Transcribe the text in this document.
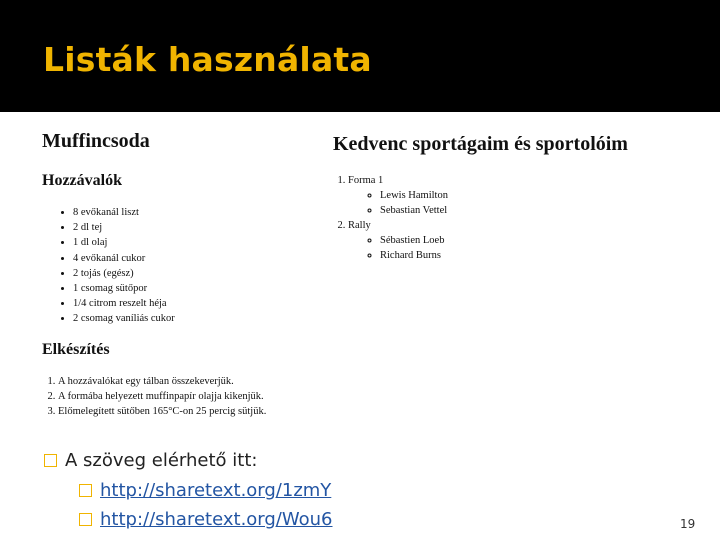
Listák használata
Muffincsoda
Hozzávalók
• 8 evőkanál liszt
• 2 dl tej
• 1 dl olaj
• 4 evőkanál cukor
• 2 tojás (egész)
• 1 csomag sütőpor
• 1/4 citrom reszelt héja
• 2 csomag vaníliás cukor
Elkészítés
1. A hozzávalókat egy tálban összekeverjük.
2. A formába helyezett muffinpapír olajja kikenjük.
3. Előmelegített sütőben 165°C-on 25 percig sütjük.
Kedvenc sportágaim és sportolóim
1. Forma 1
◦ Lewis Hamilton
◦ Sebastian Vettel
2. Rally
◦ Sébastien Loeb
◦ Richard Burns
A szöveg elérhető itt:
http://sharetext.org/1zmY
http://sharetext.org/Wou6	19
